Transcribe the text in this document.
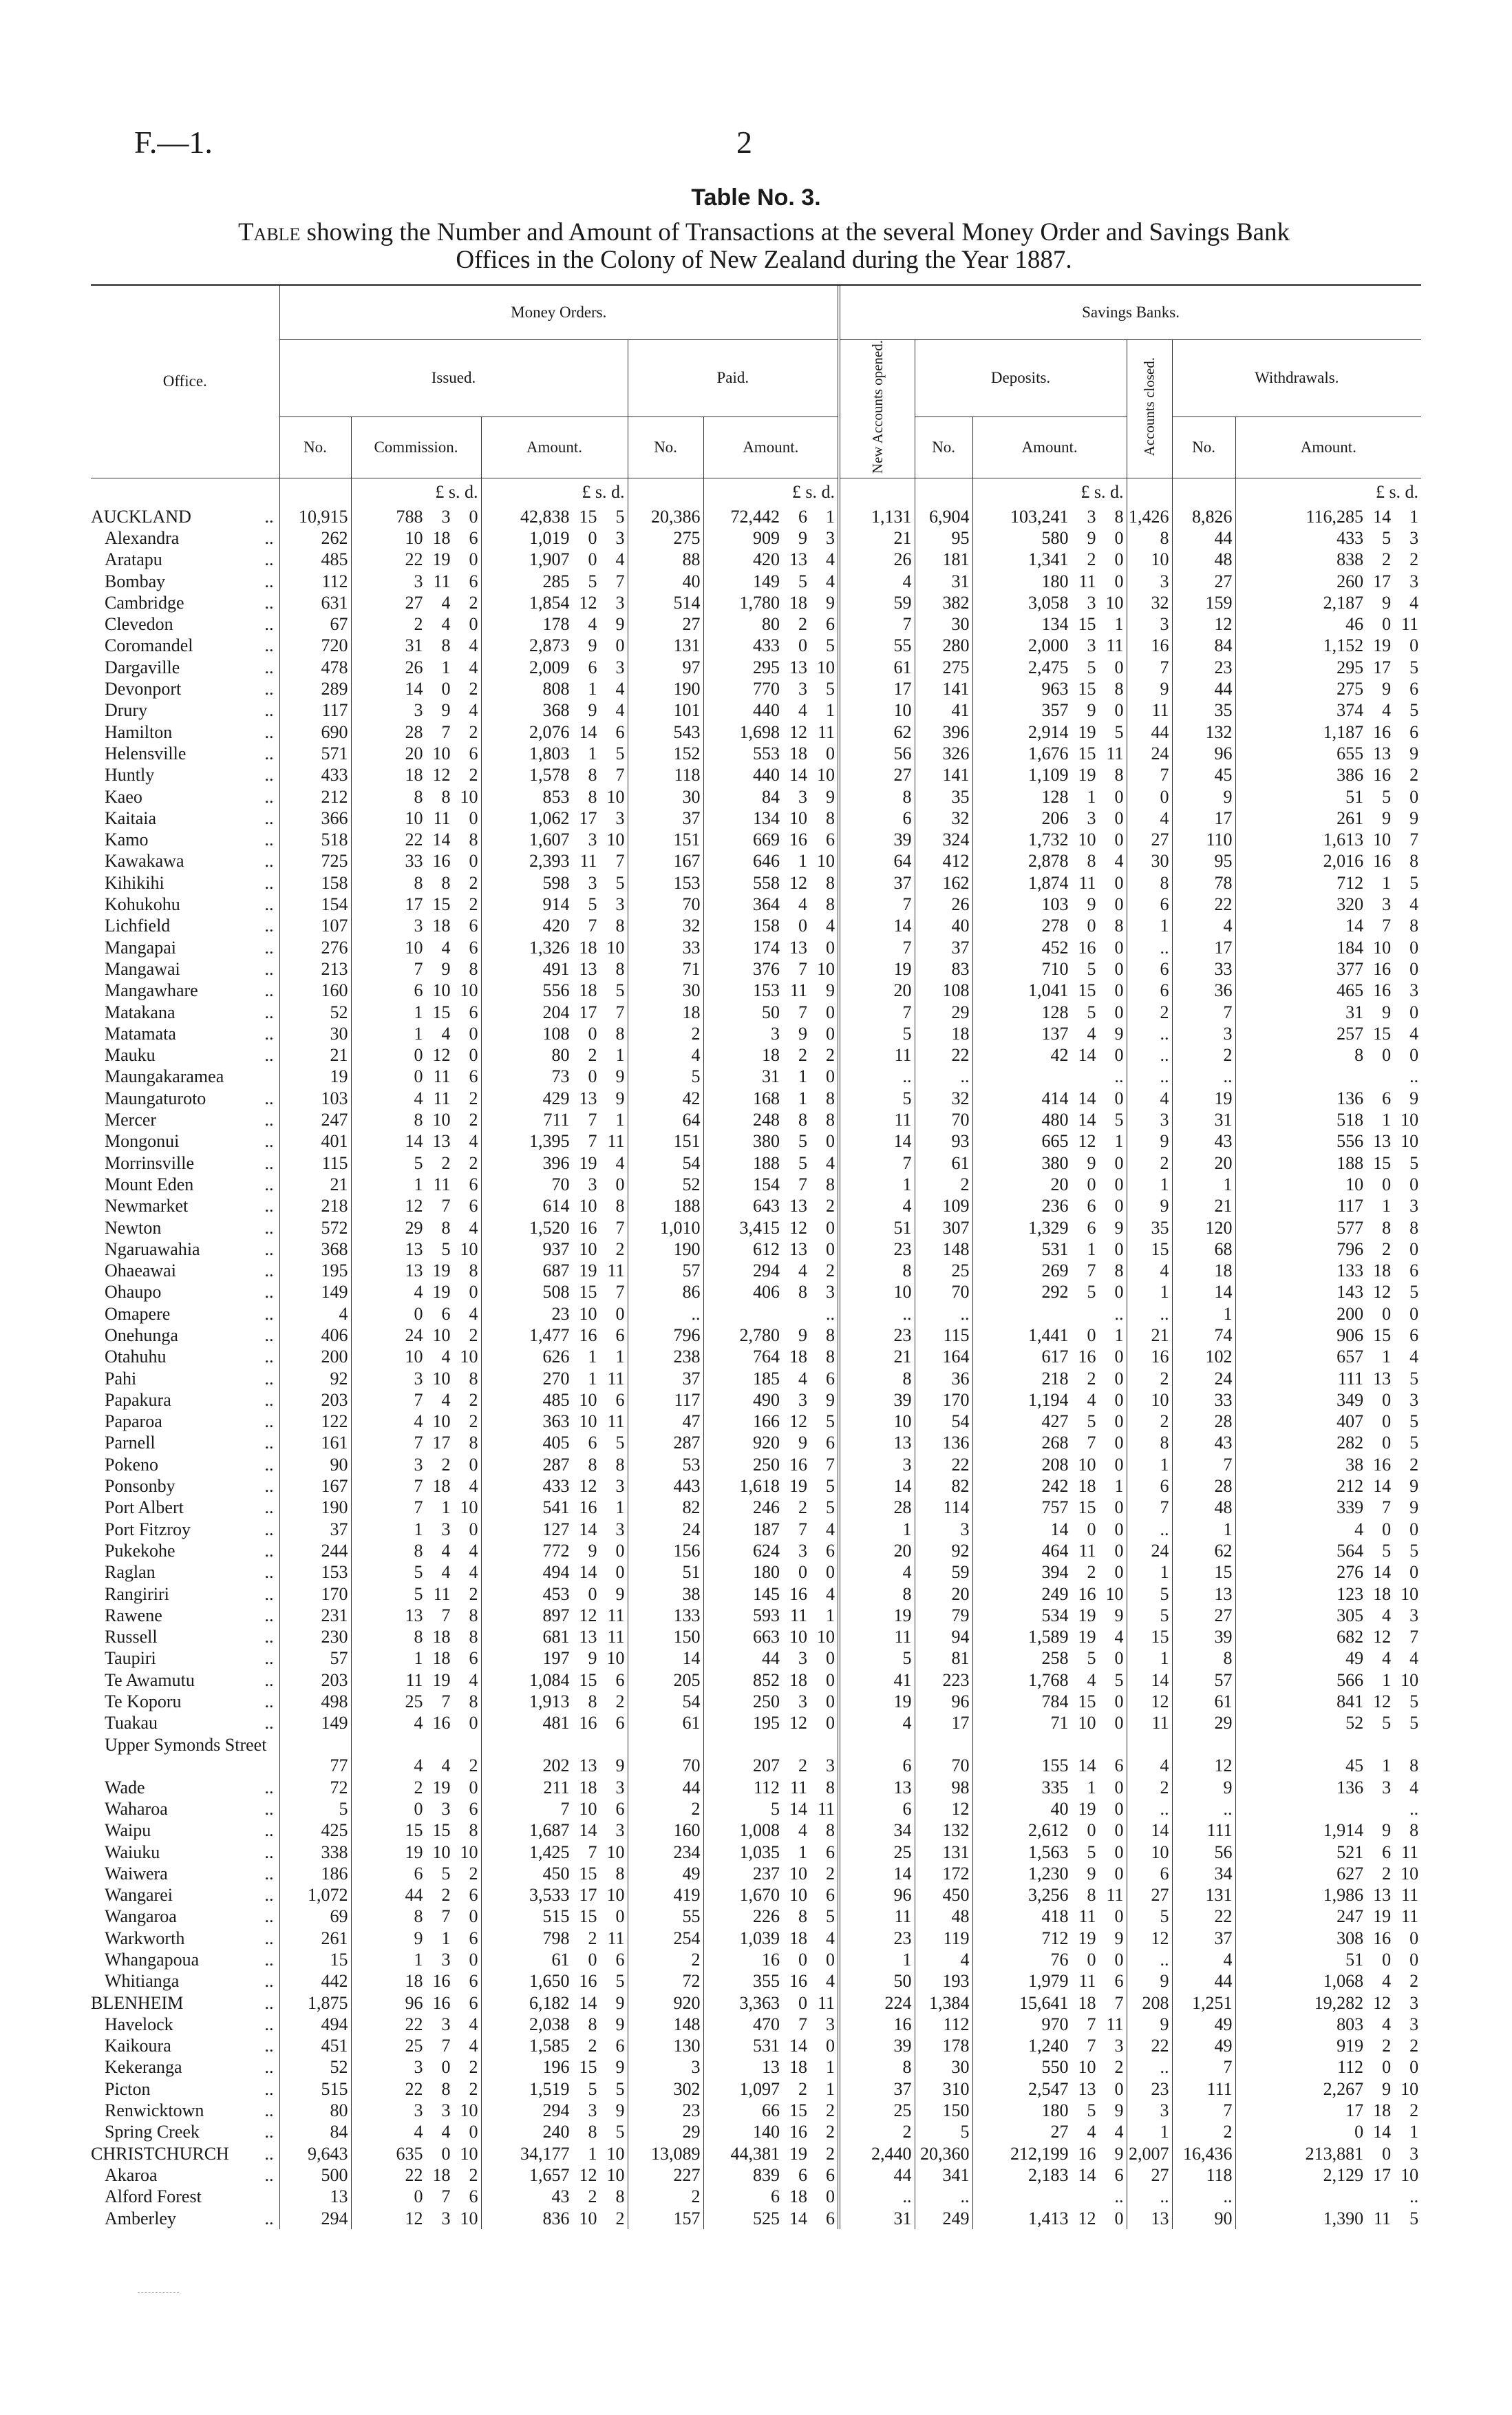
F.—1.	2
Table No. 3.
Table showing the Number and Amount of Transactions at the several Money Order and Savings Bank Offices in the Colony of New Zealand during the Year 1887.
Office.	Money Orders.					Savings Banks.					
	Issued.			Paid.		New Accounts opened.	Deposits.		Accounts closed.	Withdrawals.	
	No.	Commission.	Amount.	No.	Amount.		No.	Amount.		No.	Amount.
		£ s. d.	£ s. d.		£ s. d.			£ s. d.			£ s. d.
AUCKLAND ..	10,915	788 3 0	42,838 15 5	20,386	72,442 6 1	1,131	6,904	103,241 3 8	1,426	8,826	116,285 14 1

Alexandra ..	262	10 18 6	1,019 0 3	275	909 9 3	21	95	580 9 0	8	44	433 5 3

Aratapu ..	485	22 19 0	1,907 0 4	88	420 13 4	26	181	1,341 2 0	10	48	838 2 2

Bombay ..	112	3 11 6	285 5 7	40	149 5 4	4	31	180 11 0	3	27	260 17 3

Cambridge ..	631	27 4 2	1,854 12 3	514	1,780 18 9	59	382	3,058 3 10	32	159	2,187 9 4

Clevedon ..	67	2 4 0	178 4 9	27	80 2 6	7	30	134 15 1	3	12	46 0 11

Coromandel ..	720	31 8 4	2,873 9 0	131	433 0 5	55	280	2,000 3 11	16	84	1,152 19 0

Dargaville ..	478	26 1 4	2,009 6 3	97	295 13 10	61	275	2,475 5 0	7	23	295 17 5

Devonport ..	289	14 0 2	808 1 4	190	770 3 5	17	141	963 15 8	9	44	275 9 6

Drury ..	117	3 9 4	368 9 4	101	440 4 1	10	41	357 9 0	11	35	374 4 5

Hamilton ..	690	28 7 2	2,076 14 6	543	1,698 12 11	62	396	2,914 19 5	44	132	1,187 16 6

Helensville ..	571	20 10 6	1,803 1 5	152	553 18 0	56	326	1,676 15 11	24	96	655 13 9

Huntly ..	433	18 12 2	1,578 8 7	118	440 14 10	27	141	1,109 19 8	7	45	386 16 2

Kaeo ..	212	8 8 10	853 8 10	30	84 3 9	8	35	128 1 0	0	9	51 5 0

Kaitaia ..	366	10 11 0	1,062 17 3	37	134 10 8	6	32	206 3 0	4	17	261 9 9

Kamo ..	518	22 14 8	1,607 3 10	151	669 16 6	39	324	1,732 10 0	27	110	1,613 10 7

Kawakawa ..	725	33 16 0	2,393 11 7	167	646 1 10	64	412	2,878 8 4	30	95	2,016 16 8

Kihikihi ..	158	8 8 2	598 3 5	153	558 12 8	37	162	1,874 11 0	8	78	712 1 5

Kohukohu ..	154	17 15 2	914 5 3	70	364 4 8	7	26	103 9 0	6	22	320 3 4

Lichfield ..	107	3 18 6	420 7 8	32	158 0 4	14	40	278 0 8	1	4	14 7 8

Mangapai ..	276	10 4 6	1,326 18 10	33	174 13 0	7	37	452 16 0	..	17	184 10 0

Mangawai ..	213	7 9 8	491 13 8	71	376 7 10	19	83	710 5 0	6	33	377 16 0

Mangawhare ..	160	6 10 10	556 18 5	30	153 11 9	20	108	1,041 15 0	6	36	465 16 3

Matakana ..	52	1 15 6	204 17 7	18	50 7 0	7	29	128 5 0	2	7	31 9 0

Matamata ..	30	1 4 0	108 0 8	2	3 9 0	5	18	137 4 9	..	3	257 15 4

Mauku ..	21	0 12 0	80 2 1	4	18 2 2	11	22	42 14 0	..	2	8 0 0

Maungakaramea	19	0 11 6	73 0 9	5	31 1 0	..	..	..	..	..	..
Maungaturoto ..	103	4 11 2	429 13 9	42	168 1 8	5	32	414 14 0	4	19	136 6 9

Mercer ..	247	8 10 2	711 7 1	64	248 8 8	11	70	480 14 5	3	31	518 1 10

Mongonui ..	401	14 13 4	1,395 7 11	151	380 5 0	14	93	665 12 1	9	43	556 13 10

Morrinsville ..	115	5 2 2	396 19 4	54	188 5 4	7	61	380 9 0	2	20	188 15 5

Mount Eden ..	21	1 11 6	70 3 0	52	154 7 8	1	2	20 0 0	1	1	10 0 0

Newmarket ..	218	12 7 6	614 10 8	188	643 13 2	4	109	236 6 0	9	21	117 1 3

Newton ..	572	29 8 4	1,520 16 7	1,010	3,415 12 0	51	307	1,329 6 9	35	120	577 8 8

Ngaruawahia ..	368	13 5 10	937 10 2	190	612 13 0	23	148	531 1 0	15	68	796 2 0

Ohaeawai ..	195	13 19 8	687 19 11	57	294 4 2	8	25	269 7 8	4	18	133 18 6

Ohaupo ..	149	4 19 0	508 15 7	86	406 8 3	10	70	292 5 0	1	14	143 12 5

Omapere ..	4	0 6 4	23 10 0	..	..	..	..	..	..	1	200 0 0

Onehunga ..	406	24 10 2	1,477 16 6	796	2,780 9 8	23	115	1,441 0 1	21	74	906 15 6

Otahuhu ..	200	10 4 10	626 1 1	238	764 18 8	21	164	617 16 0	16	102	657 1 4

Pahi ..	92	3 10 8	270 1 11	37	185 4 6	8	36	218 2 0	2	24	111 13 5

Papakura ..	203	7 4 2	485 10 6	117	490 3 9	39	170	1,194 4 0	10	33	349 0 3

Paparoa ..	122	4 10 2	363 10 11	47	166 12 5	10	54	427 5 0	2	28	407 0 5

Parnell ..	161	7 17 8	405 6 5	287	920 9 6	13	136	268 7 0	8	43	282 0 5

Pokeno ..	90	3 2 0	287 8 8	53	250 16 7	3	22	208 10 0	1	7	38 16 2

Ponsonby ..	167	7 18 4	433 12 3	443	1,618 19 5	14	82	242 18 1	6	28	212 14 9

Port Albert ..	190	7 1 10	541 16 1	82	246 2 5	28	114	757 15 0	7	48	339 7 9

Port Fitzroy ..	37	1 3 0	127 14 3	24	187 7 4	1	3	14 0 0	..	1	4 0 0

Pukekohe ..	244	8 4 4	772 9 0	156	624 3 6	20	92	464 11 0	24	62	564 5 5

Raglan ..	153	5 4 4	494 14 0	51	180 0 0	4	59	394 2 0	1	15	276 14 0

Rangiriri ..	170	5 11 2	453 0 9	38	145 16 4	8	20	249 16 10	5	13	123 18 10

Rawene ..	231	13 7 8	897 12 11	133	593 11 1	19	79	534 19 9	5	27	305 4 3

Russell ..	230	8 18 8	681 13 11	150	663 10 10	11	94	1,589 19 4	15	39	682 12 7

Taupiri ..	57	1 18 6	197 9 10	14	44 3 0	5	81	258 5 0	1	8	49 4 4

Te Awamutu ..	203	11 19 4	1,084 15 6	205	852 18 0	41	223	1,768 4 5	14	57	566 1 10

Te Koporu ..	498	25 7 8	1,913 8 2	54	250 3 0	19	96	784 15 0	12	61	841 12 5

Tuakau ..	149	4 16 0	481 16 6	61	195 12 0	4	17	71 10 0	11	29	52 5 5

Upper Symonds Street	77	4 4 2	202 13 9	70	207 2 3	6	70	155 14 6	4	12	45 1 8

Wade ..	72	2 19 0	211 18 3	44	112 11 8	13	98	335 1 0	2	9	136 3 4

Waharoa ..	5	0 3 6	7 10 6	2	5 14 11	6	12	40 19 0	..	..	..
Waipu ..	425	15 15 8	1,687 14 3	160	1,008 4 8	34	132	2,612 0 0	14	111	1,914 9 8

Waiuku ..	338	19 10 10	1,425 7 10	234	1,035 1 6	25	131	1,563 5 0	10	56	521 6 11

Waiwera ..	186	6 5 2	450 15 8	49	237 10 2	14	172	1,230 9 0	6	34	627 2 10

Wangarei ..	1,072	44 2 6	3,533 17 10	419	1,670 10 6	96	450	3,256 8 11	27	131	1,986 13 11

Wangaroa ..	69	8 7 0	515 15 0	55	226 8 5	11	48	418 11 0	5	22	247 19 11

Warkworth ..	261	9 1 6	798 2 11	254	1,039 18 4	23	119	712 19 9	12	37	308 16 0

Whangapoua ..	15	1 3 0	61 0 6	2	16 0 0	1	4	76 0 0	..	4	51 0 0

Whitianga ..	442	18 16 6	1,650 16 5	72	355 16 4	50	193	1,979 11 6	9	44	1,068 4 2

BLENHEIM ..	1,875	96 16 6	6,182 14 9	920	3,363 0 11	224	1,384	15,641 18 7	208	1,251	19,282 12 3

Havelock ..	494	22 3 4	2,038 8 9	148	470 7 3	16	112	970 7 11	9	49	803 4 3

Kaikoura ..	451	25 7 4	1,585 2 6	130	531 14 0	39	178	1,240 7 3	22	49	919 2 2

Kekeranga ..	52	3 0 2	196 15 9	3	13 18 1	8	30	550 10 2	..	7	112 0 0

Picton ..	515	22 8 2	1,519 5 5	302	1,097 2 1	37	310	2,547 13 0	23	111	2,267 9 10

Renwicktown ..	80	3 3 10	294 3 9	23	66 15 2	25	150	180 5 9	3	7	17 18 2

Spring Creek ..	84	4 4 0	240 8 5	29	140 16 2	2	5	27 4 4	1	2	0 14 1

CHRISTCHURCH ..	9,643	635 0 10	34,177 1 10	13,089	44,381 19 2	2,440	20,360	212,199 16 9	2,007	16,436	213,881 0 3

Akaroa ..	500	22 18 2	1,657 12 10	227	839 6 6	44	341	2,183 14 6	27	118	2,129 17 10

Alford Forest	13	0 7 6	43 2 8	2	6 18 0	..	..	..	..	..	..
Amberley ..	294	12 3 10	836 10 2	157	525 14 6	31	249	1,413 12 0	13	90	1,390 11 5
